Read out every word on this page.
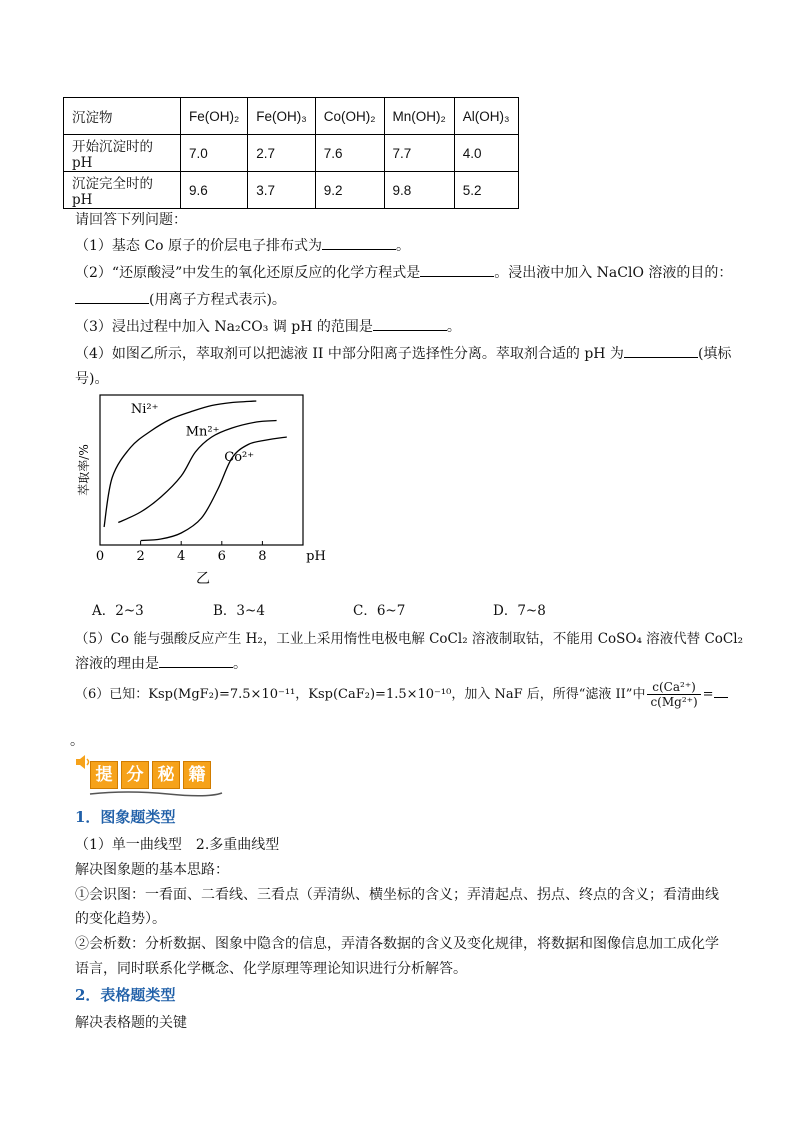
沉淀物	Fe(OH)₂	Fe(OH)₃	Co(OH)₂	Mn(OH)₂	Al(OH)₃
开始沉淀时的 pH	7.0	2.7	7.6	7.7	4.0
沉淀完全时的 pH	9.6	3.7	9.2	9.8	5.2
请回答下列问题：
（1）基态 Co 原子的价层电子排布式为	。
（2）“还原酸浸”中发生的氧化还原反应的化学方程式是	。浸出液中加入 NaClO 溶液的目的：
(用离子方程式表示)。
（3）浸出过程中加入 Na₂CO₃ 调 pH 的范围是	。
（4）如图乙所示，萃取剂可以把滤液 II 中部分阳离子选择性分离。萃取剂合适的 pH 为	(填标
号)。
0 2 4 6 8
Ni²⁺
Mn²⁺
Co²⁺
萃取率/%
pH
乙
A．2~3	B．3~4	C．6~7	D．7~8
（5）Co 能与强酸反应产生 H₂，工业上采用惰性电极电解 CoCl₂ 溶液制取钴，不能用 CoSO₄ 溶液代替 CoCl₂
溶液的理由是	。
（6）已知：Ksp(MgF₂)=7.5×10⁻¹¹，Ksp(CaF₂)=1.5×10⁻¹⁰，加入 NaF 后，所得“滤液 II”中 $\frac{\text{c(Ca²⁺)}}{\text{c(Mg²⁺)}}$ =
。
提 分 秘 籍
1．图象题类型
（1）单一曲线型　2.多重曲线型
解决图象题的基本思路：
①会识图：一看面、二看线、三看点（弄清纵、横坐标的含义；弄清起点、拐点、终点的含义；看清曲线
的变化趋势）。
②会析数：分析数据、图象中隐含的信息，弄清各数据的含义及变化规律，将数据和图像信息加工成化学
语言，同时联系化学概念、化学原理等理论知识进行分析解答。
2．表格题类型
解决表格题的关键
